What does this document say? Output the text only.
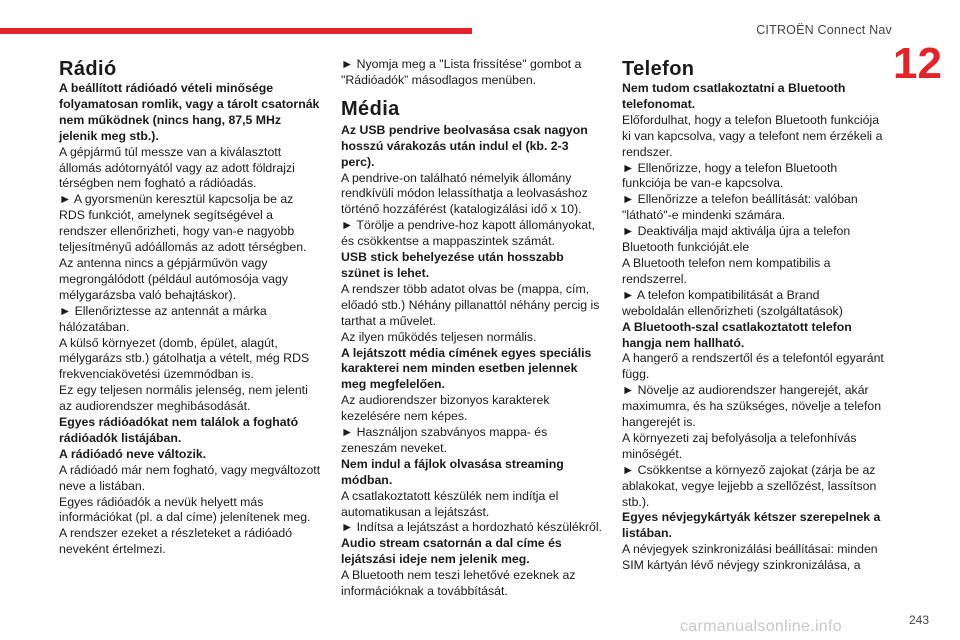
CITROËN Connect Nav
12
Rádió

A beállított rádióadó vételi minősége folyamatosan romlik, vagy a tárolt csatornák nem működnek (nincs hang, 87,5 MHz jelenik meg stb.).

A gépjármű túl messze van a kiválasztott állomás adótornyától vagy az adott földrajzi térségben nem fogható a rádióadás.

► A gyorsmenün keresztül kapcsolja be az RDS funkciót, amelynek segítségével a rendszer ellenőrizheti, hogy van-e nagyobb teljesítményű adóállomás az adott térségben.

Az antenna nincs a gépjárművön vagy megrongálódott (például autómosója vagy mélygarázsba való behajtáskor).

► Ellenőriztesse az antennát a márka hálózatában.

A külső környezet (domb, épület, alagút, mélygarázs stb.) gátolhatja a vételt, még RDS frekvenciakövetési üzemmódban is.

Ez egy teljesen normális jelenség, nem jelenti az audiorendszer meghibásodását.

Egyes rádióadókat nem találok a fogható rádióadók listájában.

A rádióadó neve változik.

A rádióadó már nem fogható, vagy megváltozott neve a listában.

Egyes rádióadók a nevük helyett más információkat (pl. a dal címe) jelenítenek meg.

A rendszer ezeket a részleteket a rádióadó neveként értelmezi.

► Nyomja meg a "Lista frissítése" gombot a "Rádióadók” másodlagos menüben.

Média

Az USB pendrive beolvasása csak nagyon hosszú várakozás után indul el (kb. 2-3 perc).

A pendrive-on található némelyik állomány rendkívüli módon lelassíthatja a leolvasáshoz történő hozzáférést (katalogizálási idő x 10).

► Törölje a pendrive-hoz kapott állományokat, és csökkentse a mappaszintek számát.

USB stick behelyezése után hosszabb szünet is lehet.

A rendszer több adatot olvas be (mappa, cím, előadó stb.) Néhány pillanattól néhány percig is tarthat a művelet.

Az ilyen működés teljesen normális.

A lejátszott média címének egyes speciális karakterei nem minden esetben jelennek meg megfelelően.

Az audiorendszer bizonyos karakterek kezelésére nem képes.

► Használjon szabványos mappa- és zeneszám neveket.

Nem indul a fájlok olvasása streaming módban.

A csatlakoztatott készülék nem indítja el automatikusan a lejátszást.

► Indítsa a lejátszást a hordozható készülékről.

Audio stream csatornán a dal címe és lejátszási ideje nem jelenik meg.

A Bluetooth nem teszi lehetővé ezeknek az információknak a továbbítását.

Telefon

Nem tudom csatlakoztatni a Bluetooth telefonomat.

Előfordulhat, hogy a telefon Bluetooth funkciója ki van kapcsolva, vagy a telefont nem érzékeli a rendszer.

► Ellenőrizze, hogy a telefon Bluetooth funkciója be van-e kapcsolva.

► Ellenőrizze a telefon beállítását: valóban "látható"-e mindenki számára.

► Deaktiválja majd aktiválja újra a telefon Bluetooth funkcióját.ele

A Bluetooth telefon nem kompatibilis a rendszerrel.

► A telefon kompatibilitását a Brand weboldalán ellenőrizheti (szolgáltatások)

A Bluetooth-szal csatlakoztatott telefon hangja nem hallható.

A hangerő a rendszertől és a telefontól egyaránt függ.

► Növelje az audiorendszer hangerejét, akár maximumra, és ha szükséges, növelje a telefon hangerejét is.

A környezeti zaj befolyásolja a telefonhívás minőségét.

► Csökkentse a környező zajokat (zárja be az ablakokat, vegye lejjebb a szellőzést, lassítson stb.).

Egyes névjegykártyák kétszer szerepelnek a listában.

A névjegyek szinkronizálási beállításai: minden SIM kártyán lévő névjegy szinkronizálása, a

carmanualsonline.info	243
